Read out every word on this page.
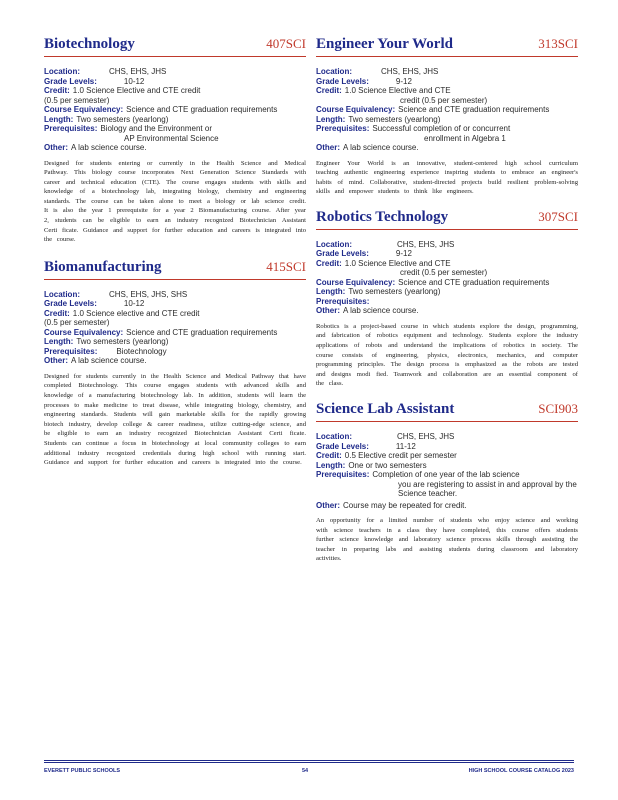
Biotechnology	407SCI
Location:	CHS, EHS, JHS
Grade Levels:	10-12
Credit: 1.0 Science Elective and CTE credit
(0.5 per semester)
Course Equivalency: Science and CTE graduation requirements
Length: Two semesters (yearlong)
Prerequisites: Biology and the Environment or
AP Environmental Science
Other: A lab science course.

Designed for students entering or currently in the Health Science and Medical Pathway. This biology course incorporates Next Generation Science Standards with career and technical education (CTE). The course engages students with skills and knowledge of a biotechnology lab, integrating biology, chemistry and engineering standards. The course can be taken alone to meet a biology or lab science credit. It is also the year 1 prerequisite for a year 2 Biomanufacturing course. After year 2, students can be eligible to earn an industry recognized Biotechnician Assistant Certi ficate. Guidance and support for further education and careers is integrated into the course.

Biomanufacturing	415SCI
Location:	CHS, EHS, JHS, SHS
Grade Levels:	10-12
Credit: 1.0 Science elective and CTE credit
(0.5 per semester)
Course Equivalency: Science and CTE graduation requirements
Length: Two semesters (yearlong)
Prerequisites: Biotechnology
Other: A lab science course.

Designed for students currently in the Health Science and Medical Pathway that have completed Biotechnology. This course engages students with advanced skills and knowledge of a manufacturing biotechnology lab. In addition, students will learn the processes to make medicine to treat disease, while integrating biology, chemistry, and engineering standards. Students will gain marketable skills for the rapidly growing biotech industry, develop college & career readiness, utilize cutting-edge science, and be eligible to earn an industry recognized Biotechnician Assistant Certi ficate. Students can continue a focus in biotechnology at local community colleges to earn additional industry recognized credentials during high school with running start. Guidance and support for further education and careers is integrated into the course.

Engineer Your World	313SCI
Location:	CHS, EHS, JHS
Grade Levels:	9-12
Credit: 1.0 Science Elective and CTE
credit (0.5 per semester)
Course Equivalency: Science and CTE graduation requirements
Length: Two semesters (yearlong)
Prerequisites: Successful completion of or concurrent
enrollment in Algebra 1
Other: A lab science course.

Engineer Your World is an innovative, student-centered high school curriculum teaching authentic engineering experience inspiring students to embrace an engineer's habits of mind. Collaborative, student-directed projects build resilient problem-solving skills and empower students to think like engineers.

Robotics Technology	307SCI
Location:	CHS, EHS, JHS
Grade Levels:	9-12
Credit: 1.0 Science Elective and CTE
credit (0.5 per semester)
Course Equivalency: Science and CTE graduation requirements
Length: Two semesters (yearlong)
Prerequisites:
Other: A lab science course.

Robotics is a project-based course in which students explore the design, programming, and fabrication of robotics equipment and technology. Students explore the industry applications of robots and understand the implications of robotics in society. The course consists of engineering, physics, electronics, mechanics, and computer programming principles. The design process is emphasized as the robots are tested and designs modi fied. Teamwork and collaboration are an essential component of the class.

Science Lab Assistant	SCI903
Location:	CHS, EHS, JHS
Grade Levels:	11-12
Credit: 0.5 Elective credit per semester
Length: One or two semesters
Prerequisites: Completion of one year of the lab science
you are registering to assist in and approval by the Science teacher.
Other: Course may be repeated for credit.

An opportunity for a limited number of students who enjoy science and working with science teachers in a class they have completed, this course offers students further science knowledge and laboratory science process skills through assisting the teacher in preparing labs and assisting students during classroom and laboratory activities.

EVERETT PUBLIC SCHOOLS	54	HIGH SCHOOL COURSE CATALOG 2023
